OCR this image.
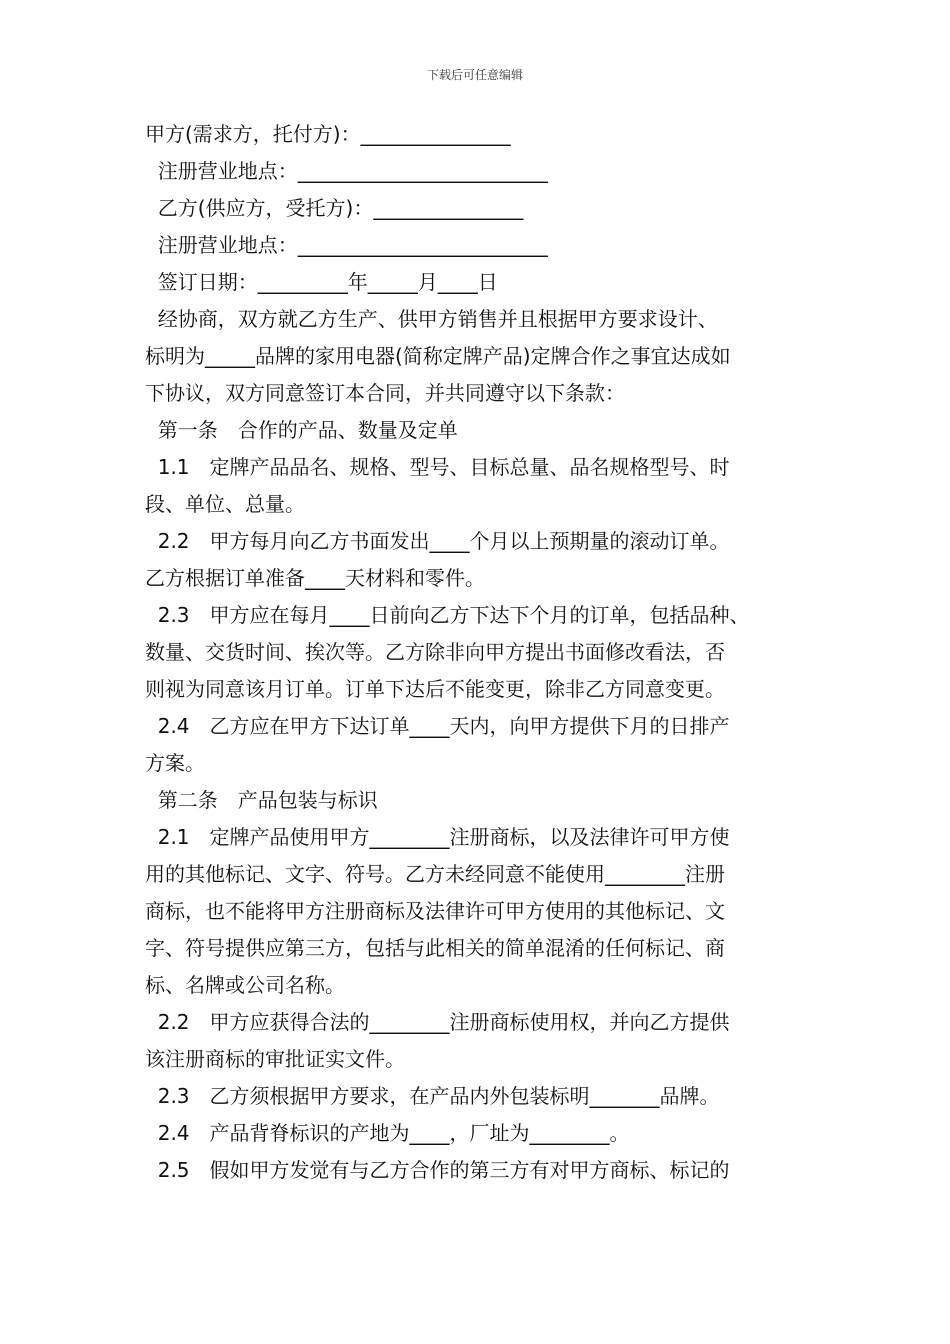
下载后可任意编辑
甲方(需求方，托付方)：_______________
注册营业地点：_________________________
乙方(供应方，受托方)：_______________
注册营业地点：_________________________
签订日期：_________年_____月____日
经协商，双方就乙方生产、供甲方销售并且根据甲方要求设计、
标明为_____品牌的家用电器(简称定牌产品)定牌合作之事宜达成如
下协议，双方同意签订本合同，并共同遵守以下条款：
第一条　合作的产品、数量及定单
1.1　定牌产品品名、规格、型号、目标总量、品名规格型号、时
段、单位、总量。
2.2　甲方每月向乙方书面发出____个月以上预期量的滚动订单。
乙方根据订单准备____天材料和零件。
2.3　甲方应在每月____日前向乙方下达下个月的订单，包括品种、
数量、交货时间、挨次等。乙方除非向甲方提出书面修改看法，否
则视为同意该月订单。订单下达后不能变更，除非乙方同意变更。
2.4　乙方应在甲方下达订单____天内，向甲方提供下月的日排产
方案。
第二条　产品包装与标识
2.1　定牌产品使用甲方________注册商标，以及法律许可甲方使
用的其他标记、文字、符号。乙方未经同意不能使用________注册
商标，也不能将甲方注册商标及法律许可甲方使用的其他标记、文
字、符号提供应第三方，包括与此相关的简单混淆的任何标记、商
标、名牌或公司名称。
2.2　甲方应获得合法的________注册商标使用权，并向乙方提供
该注册商标的审批证实文件。
2.3　乙方须根据甲方要求，在产品内外包装标明_______品牌。
2.4　产品背脊标识的产地为____，厂址为________。
2.5　假如甲方发觉有与乙方合作的第三方有对甲方商标、标记的
